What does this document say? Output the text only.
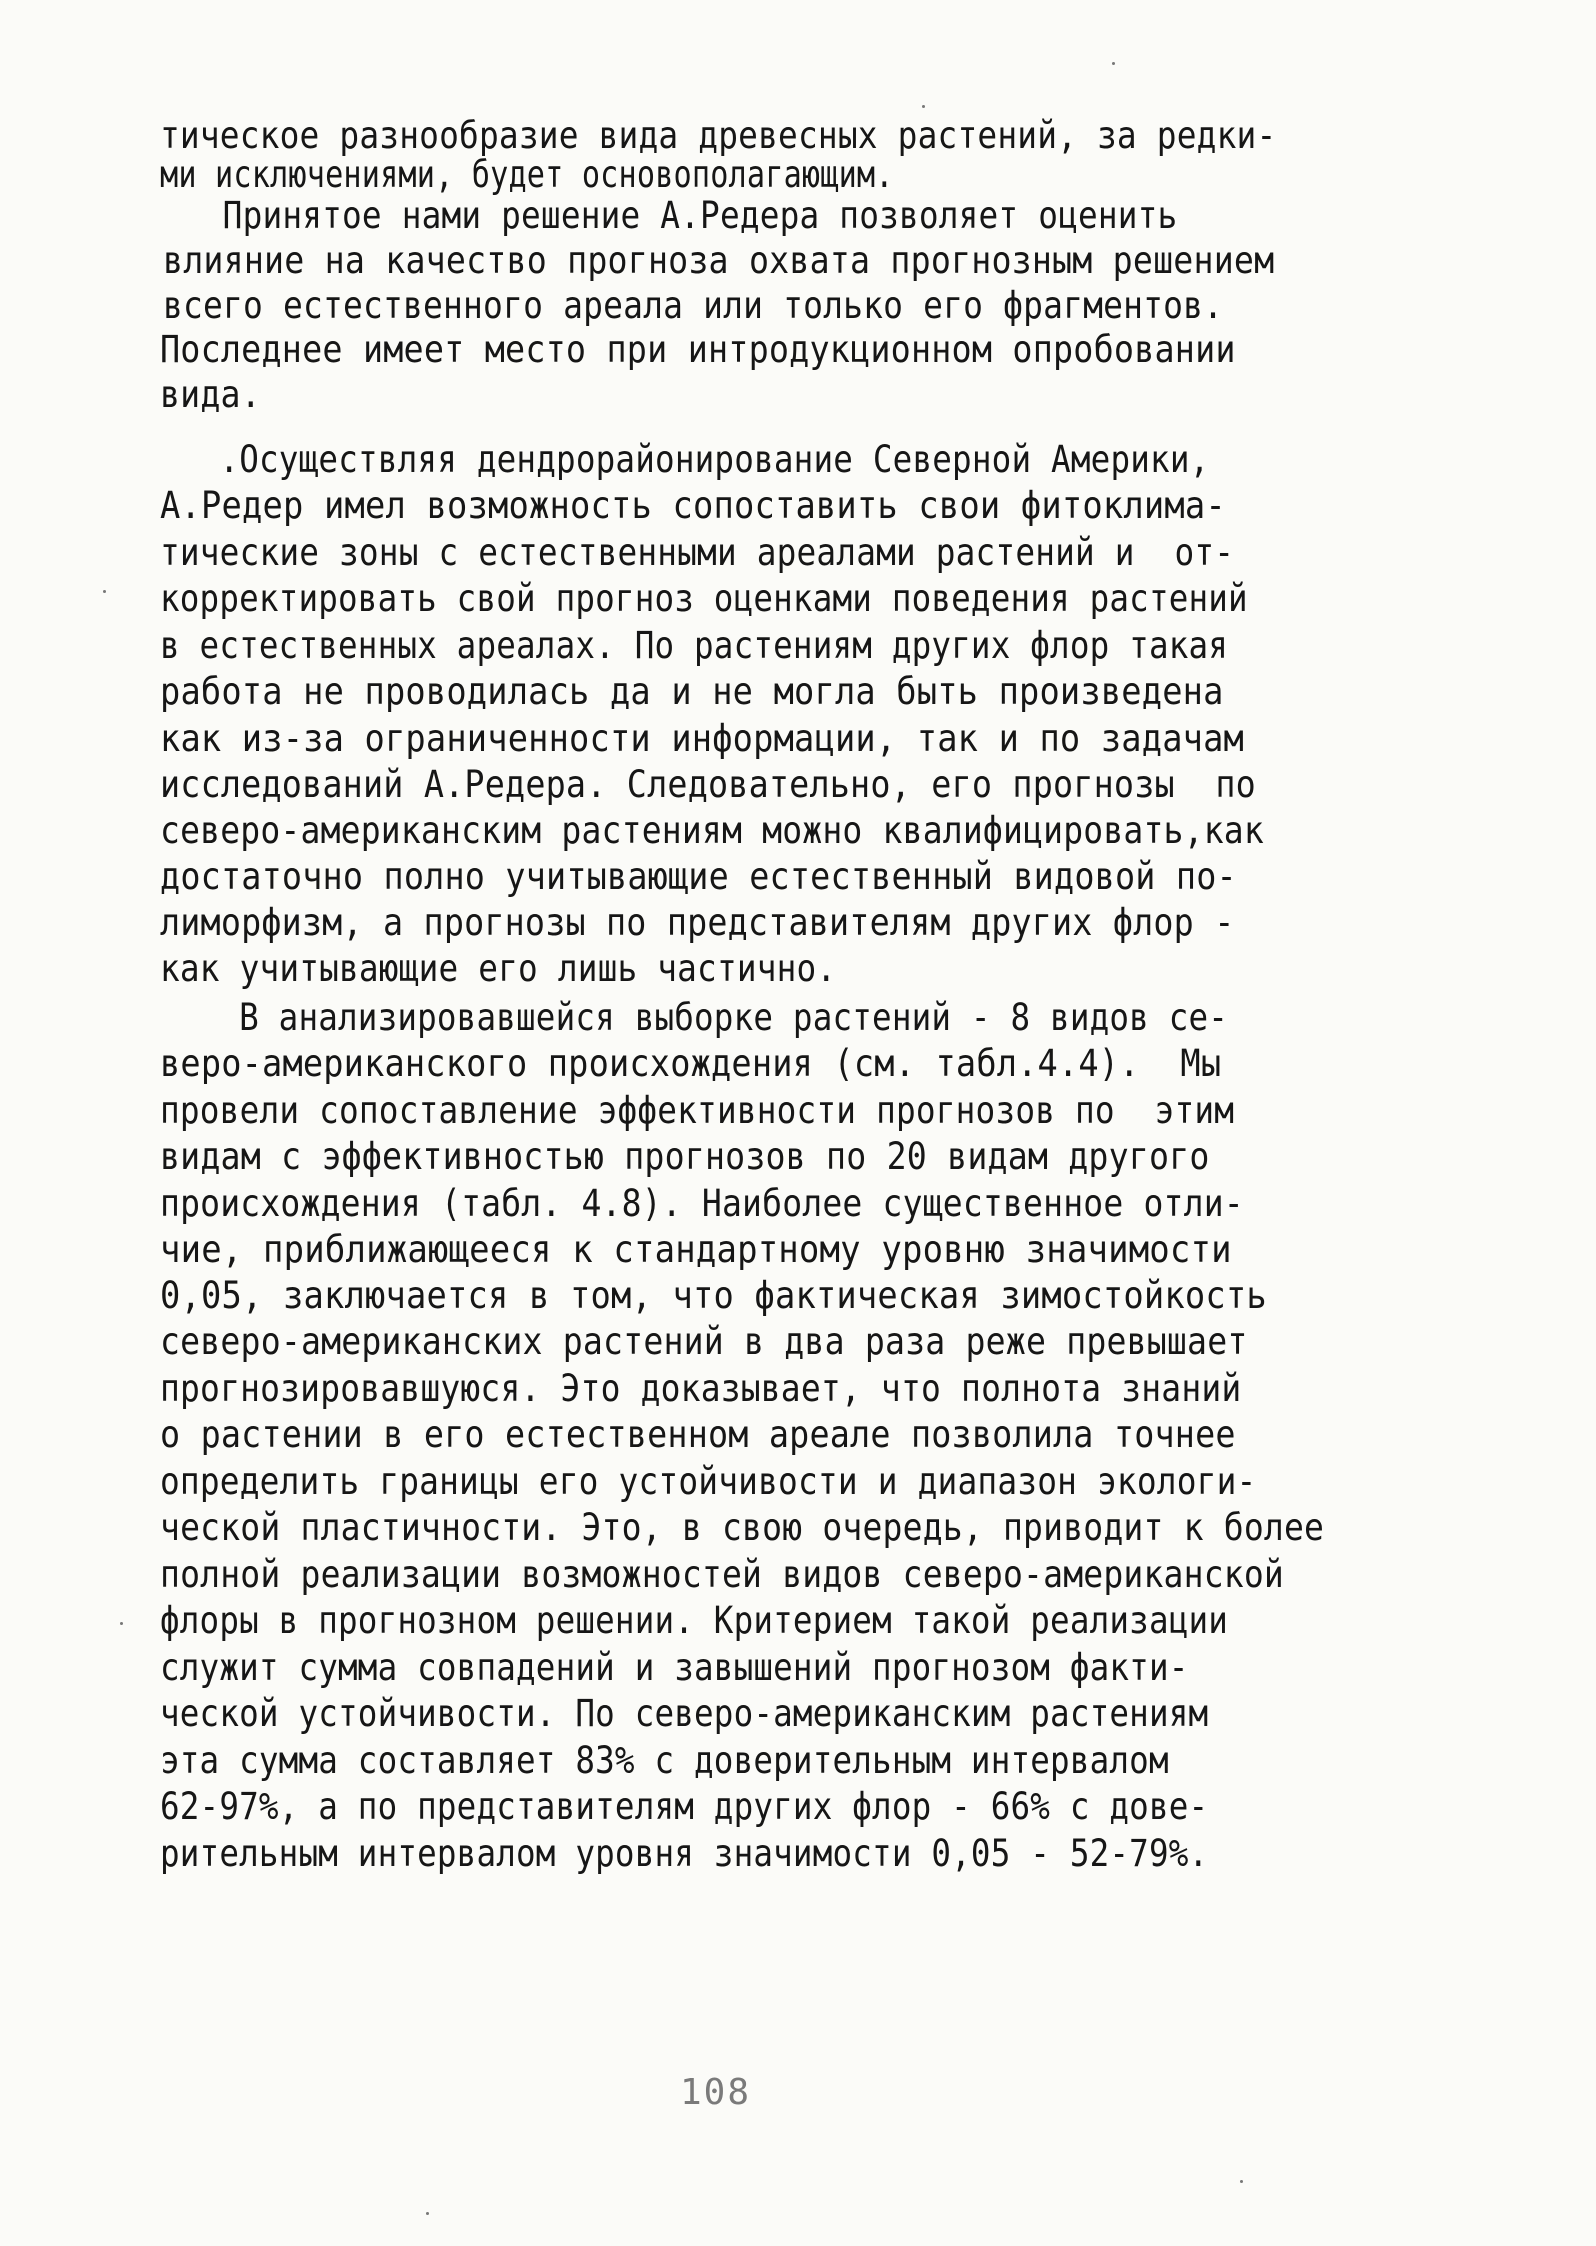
тическое разнообразие вида древесных растений, за редки-
ми исключениями, будет основополагающим.
Принятое нами решение А.Редера позволяет оценить
влияние на качество прогноза охвата прогнозным решением
всего естественного ареала или только его фрагментов.
Последнее имеет место при интродукционном опробовании
вида.
.Осуществляя дендрорайонирование Северной Америки,
А.Редер имел возможность сопоставить свои фитоклима-
тические зоны с естественными ареалами растений и  от-
корректировать свой прогноз оценками поведения растений
в естественных ареалах. По растениям других флор такая
работа не проводилась да и не могла быть произведена
как из-за ограниченности информации, так и по задачам
исследований А.Редера. Следовательно, его прогнозы  по
северо-американским растениям можно квалифицировать,как
достаточно полно учитывающие естественный видовой по-
лиморфизм, а прогнозы по представителям других флор -
как учитывающие его лишь частично.
В анализировавшейся выборке растений - 8 видов се-
веро-американского происхождения (см. табл.4.4).  Мы
провели сопоставление эффективности прогнозов по  этим
видам с эффективностью прогнозов по 20 видам другого
происхождения (табл. 4.8). Наиболее существенное отли-
чие, приближающееся к стандартному уровню значимости
0,05, заключается в том, что фактическая зимостойкость
северо-американских растений в два раза реже превышает
прогнозировавшуюся. Это доказывает, что полнота знаний
о растении в его естественном ареале позволила точнее
определить границы его устойчивости и диапазон экологи-
ческой пластичности. Это, в свою очередь, приводит к более
полной реализации возможностей видов северо-американской
флоры в прогнозном решении. Критерием такой реализации
служит сумма совпадений и завышений прогнозом факти-
ческой устойчивости. По северо-американским растениям
эта сумма составляет 83% с доверительным интервалом
62-97%, а по представителям других флор - 66% с дове-
рительным интервалом уровня значимости 0,05 - 52-79%.
108
